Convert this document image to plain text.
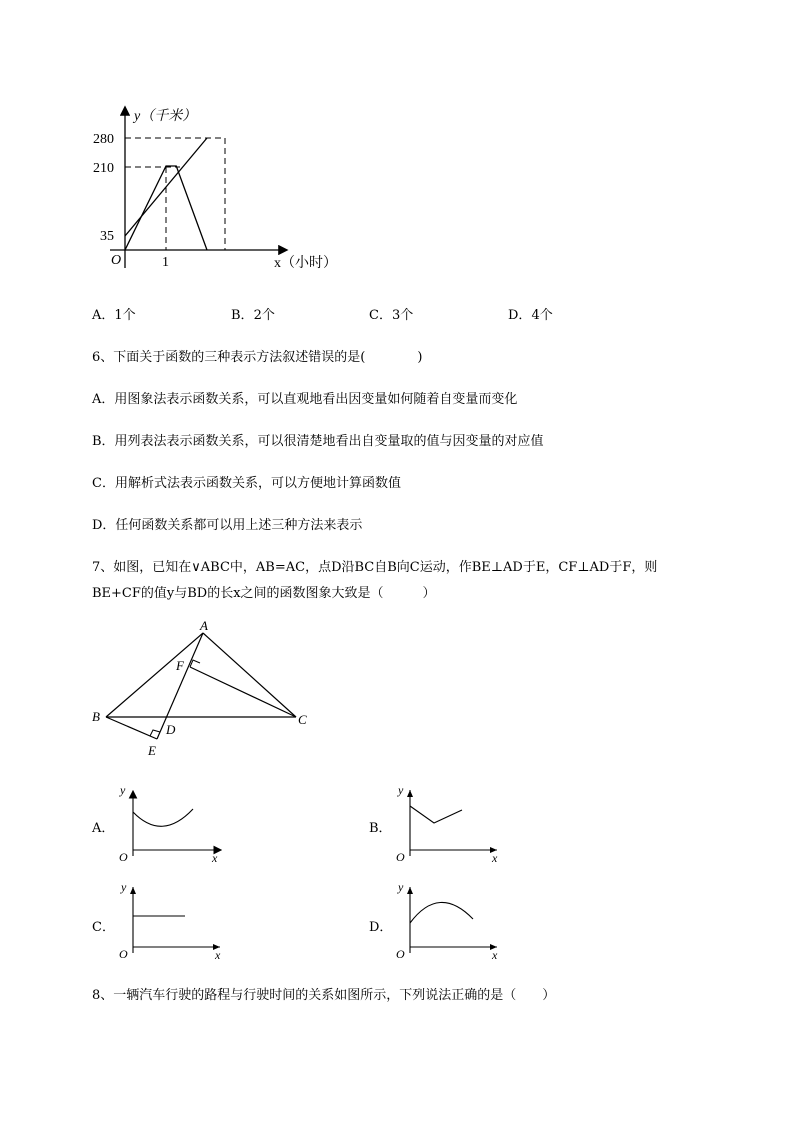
y（千米）
280
210
35
O	1	x（小时）
A．1个	B．2个	C．3个	D．4个
6、下面关于函数的三种表示方法叙述错误的是(　　　　)
A．用图象法表示函数关系，可以直观地看出因变量如何随着自变量而变化
B．用列表法表示函数关系，可以很清楚地看出自变量取的值与因变量的对应值
C．用解析式法表示函数关系，可以方便地计算函数值
D．任何函数关系都可以用上述三种方法来表示
7、如图，已知在∨ABC中，AB=AC，点D沿BC自B向C运动，作BE⊥AD于E，CF⊥AD于F，则
BE+CF的值y与BD的长x之间的函数图象大致是（　　　）
A
B	C
D
E
F
A．
y
x
O
B．
y
x
O
C．
y
x
O
D．
y
x
O
8、一辆汽车行驶的路程与行驶时间的关系如图所示，下列说法正确的是（　　）
